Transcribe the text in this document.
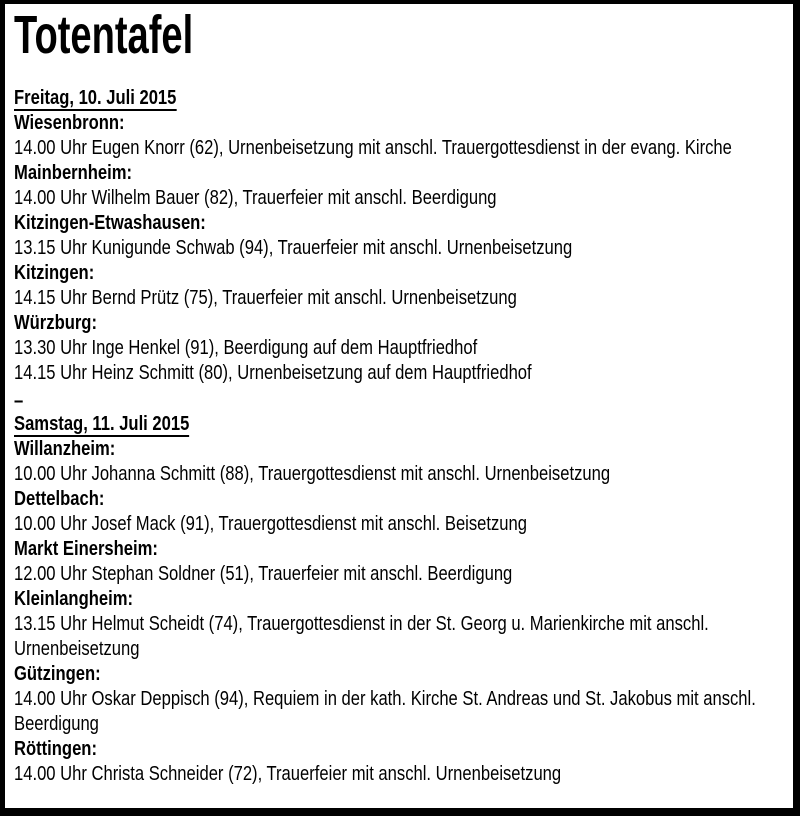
Totentafel
Freitag, 10. Juli 2015
Wiesenbronn:
14.00 Uhr Eugen Knorr (62), Urnenbeisetzung mit anschl. Trauergottesdienst in der evang. Kirche
Mainbernheim:
14.00 Uhr Wilhelm Bauer (82), Trauerfeier mit anschl. Beerdigung
Kitzingen-Etwashausen:
13.15 Uhr Kunigunde Schwab (94), Trauerfeier mit anschl. Urnenbeisetzung
Kitzingen:
14.15 Uhr Bernd Prütz (75), Trauerfeier mit anschl. Urnenbeisetzung
Würzburg:
13.30 Uhr Inge Henkel (91), Beerdigung auf dem Hauptfriedhof
14.15 Uhr Heinz Schmitt (80), Urnenbeisetzung auf dem Hauptfriedhof
–
Samstag, 11. Juli 2015
Willanzheim:
10.00 Uhr Johanna Schmitt (88), Trauergottesdienst mit anschl. Urnenbeisetzung
Dettelbach:
10.00 Uhr Josef Mack (91), Trauergottesdienst mit anschl. Beisetzung
Markt Einersheim:
12.00 Uhr Stephan Soldner (51), Trauerfeier mit anschl. Beerdigung
Kleinlangheim:
13.15 Uhr Helmut Scheidt (74), Trauergottesdienst in der St. Georg u. Marienkirche mit anschl. Urnenbeisetzung
Gützingen:
14.00 Uhr Oskar Deppisch (94), Requiem in der kath. Kirche St. Andreas und St. Jakobus mit anschl. Beerdigung
Röttingen:
14.00 Uhr Christa Schneider (72), Trauerfeier mit anschl. Urnenbeisetzung
